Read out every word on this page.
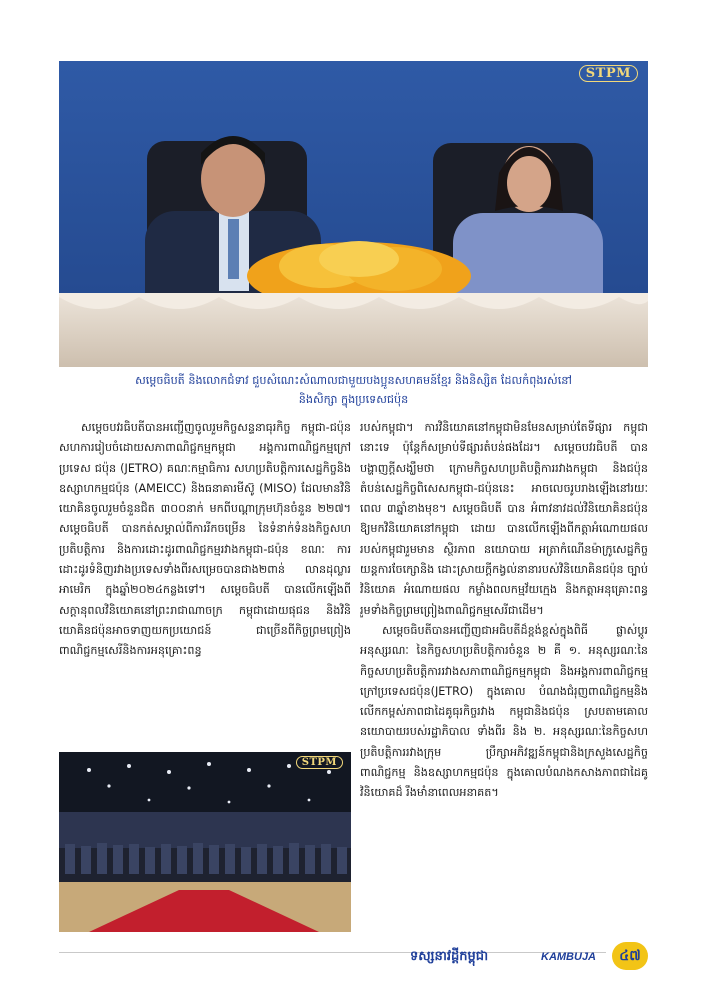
STPM
សម្តេចធិបតី និងលោកជំទាវ ជួបសំណេះសំណាលជាមួយបងប្អូនសហគមន៍ខ្មែរ និងនិស្សិត ដែលកំពុងរស់នៅ
និងសិក្សា ក្នុងប្រទេសជប៉ុន

សម្តេចបវរធិបតីបានអញ្ជើញចូលរួមកិច្ចសន្ទនាធុរកិច្ច កម្ពុជា-ជប៉ុន សហការរៀបចំដោយសភាពាណិជ្ជកម្មកម្ពុជា អង្គការពាណិជ្ជកម្មក្រៅប្រទេស ជប៉ុន (JETRO) គណៈកម្មាធិការ សហប្រតិបត្តិការសេដ្ឋកិច្ចនិងឧស្សាហកម្មជប៉ុន (AMEICC) និងធនាគារមីស៊ូ (MISO) ដែលមានវិនិយោគិនចូលរួមចំនួនជិត ៣០០នាក់ មកពីបណ្តាក្រុមហ៊ុនចំនួន ២២៧។ សម្តេចធិបតី បានកត់សម្គាល់ពីការរីកចម្រើន នៃទំនាក់ទំនងកិច្ចសហប្រតិបត្តិការ និងការដោះដូរពាណិជ្ជកម្មរវាងកម្ពុជា-ជប៉ុន ខណៈ ការដោះដូរទំនិញរវាងប្រទេសទាំងពីរសម្រេចបានជាង២ពាន់ លានដុល្លារអាមេរិក ក្នុងឆ្នាំ២០២៤កន្លងទៅ។ សម្តេចធិបតី បានលើកឡើងពីសក្តានុពលវិនិយោគនៅព្រះរាជាណាចក្រ កម្ពុជាដោយផុជន និងវិនិយោគិនជប៉ុនអាចទាញយកប្រយោជន៍ ជាច្រើនពីកិច្ចព្រមព្រៀងពាណិជ្ជកម្មសេរីនិងការអនុគ្រោះពន្ធ

STPM

របស់កម្ពុជា។ ការវិនិយោគនៅកម្ពុជាមិនមែនសម្រាប់តែទីផ្សារ កម្ពុជានោះទេ ប៉ុន្តែក៏សម្រាប់ទីផ្សារតំបន់ផងដែរ។ សម្តេចបវរធិបតី បានបង្ហាញក្តីសង្ឃឹមថា ក្រោមកិច្ចសហប្រតិបត្តិការរវាងកម្ពុជា និងជប៉ុន តំបន់សេដ្ឋកិច្ចពិសេសកម្ពុជា-ជប៉ុននេះ អាចលេចរូបរាងឡើងនៅរយៈពេល ៣ឆ្នាំខាងមុខ។ សម្តេចធិបតី បាន អំពាវនាវដល់វិនិយោគិនជប៉ុនឱ្យមកវិនិយោគនៅកម្ពុជា ដោយ បានលើកឡើងពីកត្តាអំណោយផលរបស់កម្ពុជារួមមាន ស្ថិរភាព នយោបាយ អត្រាកំណើនម៉ាក្រូសេដ្ឋកិច្ច យន្តការចែក្សោនិង ដោះស្រាយក្តីកង្វល់នានារបស់វិនិយោគិនជប៉ុន ច្បាប់វិនិយោគ អំណោយផល កម្លាំងពលកម្មវ័យក្មេង និងកត្តាអនុគ្រោះពន្ធ រួមទាំងកិច្ចព្រមព្រៀងពាណិជ្ជកម្មសេរីជាដើម។

សម្តេចធិបតីបានអញ្ជើញជាអធិបតីដ៏ខ្ពង់ខ្ពស់ក្នុងពិធី ផ្លាស់ប្តូរអនុស្សរណៈ នៃកិច្ចសហប្រតិបត្តិការចំនួន ២ គឺ ១. អនុស្សរណៈនៃកិច្ចសហប្រតិបត្តិការរវាងសភាពាណិជ្ជកម្មកម្ពុជា និងអង្គការពាណិជ្ជកម្មក្រៅប្រទេសជប៉ុន(JETRO) ក្នុងគោល បំណងជំរុញពាណិជ្ជកម្មនិងលើកកម្ពស់ភាពជាដៃគូធុរកិច្ចរវាង កម្ពុជានិងជប៉ុន ស្របតាមគោលនយោបាយរបស់រដ្ឋាភិបាល ទាំងពីរ និង ២. អនុស្សរណៈនៃកិច្ចសហប្រតិបត្តិការរវាងក្រុម ប្រឹក្សាអភិវឌ្ឍន៍កម្ពុជានិងក្រសួងសេដ្ឋកិច្ច ពាណិជ្ជកម្ម និងឧស្សាហកម្មជប៉ុន ក្នុងគោលបំណងកសាងភាពជាដៃគូវិនិយោគដ៏ រឹងមាំនាពេលអនាគត។

ទស្សនាវដ្តីកម្ពុជា	KAMBUJA	៤៧
